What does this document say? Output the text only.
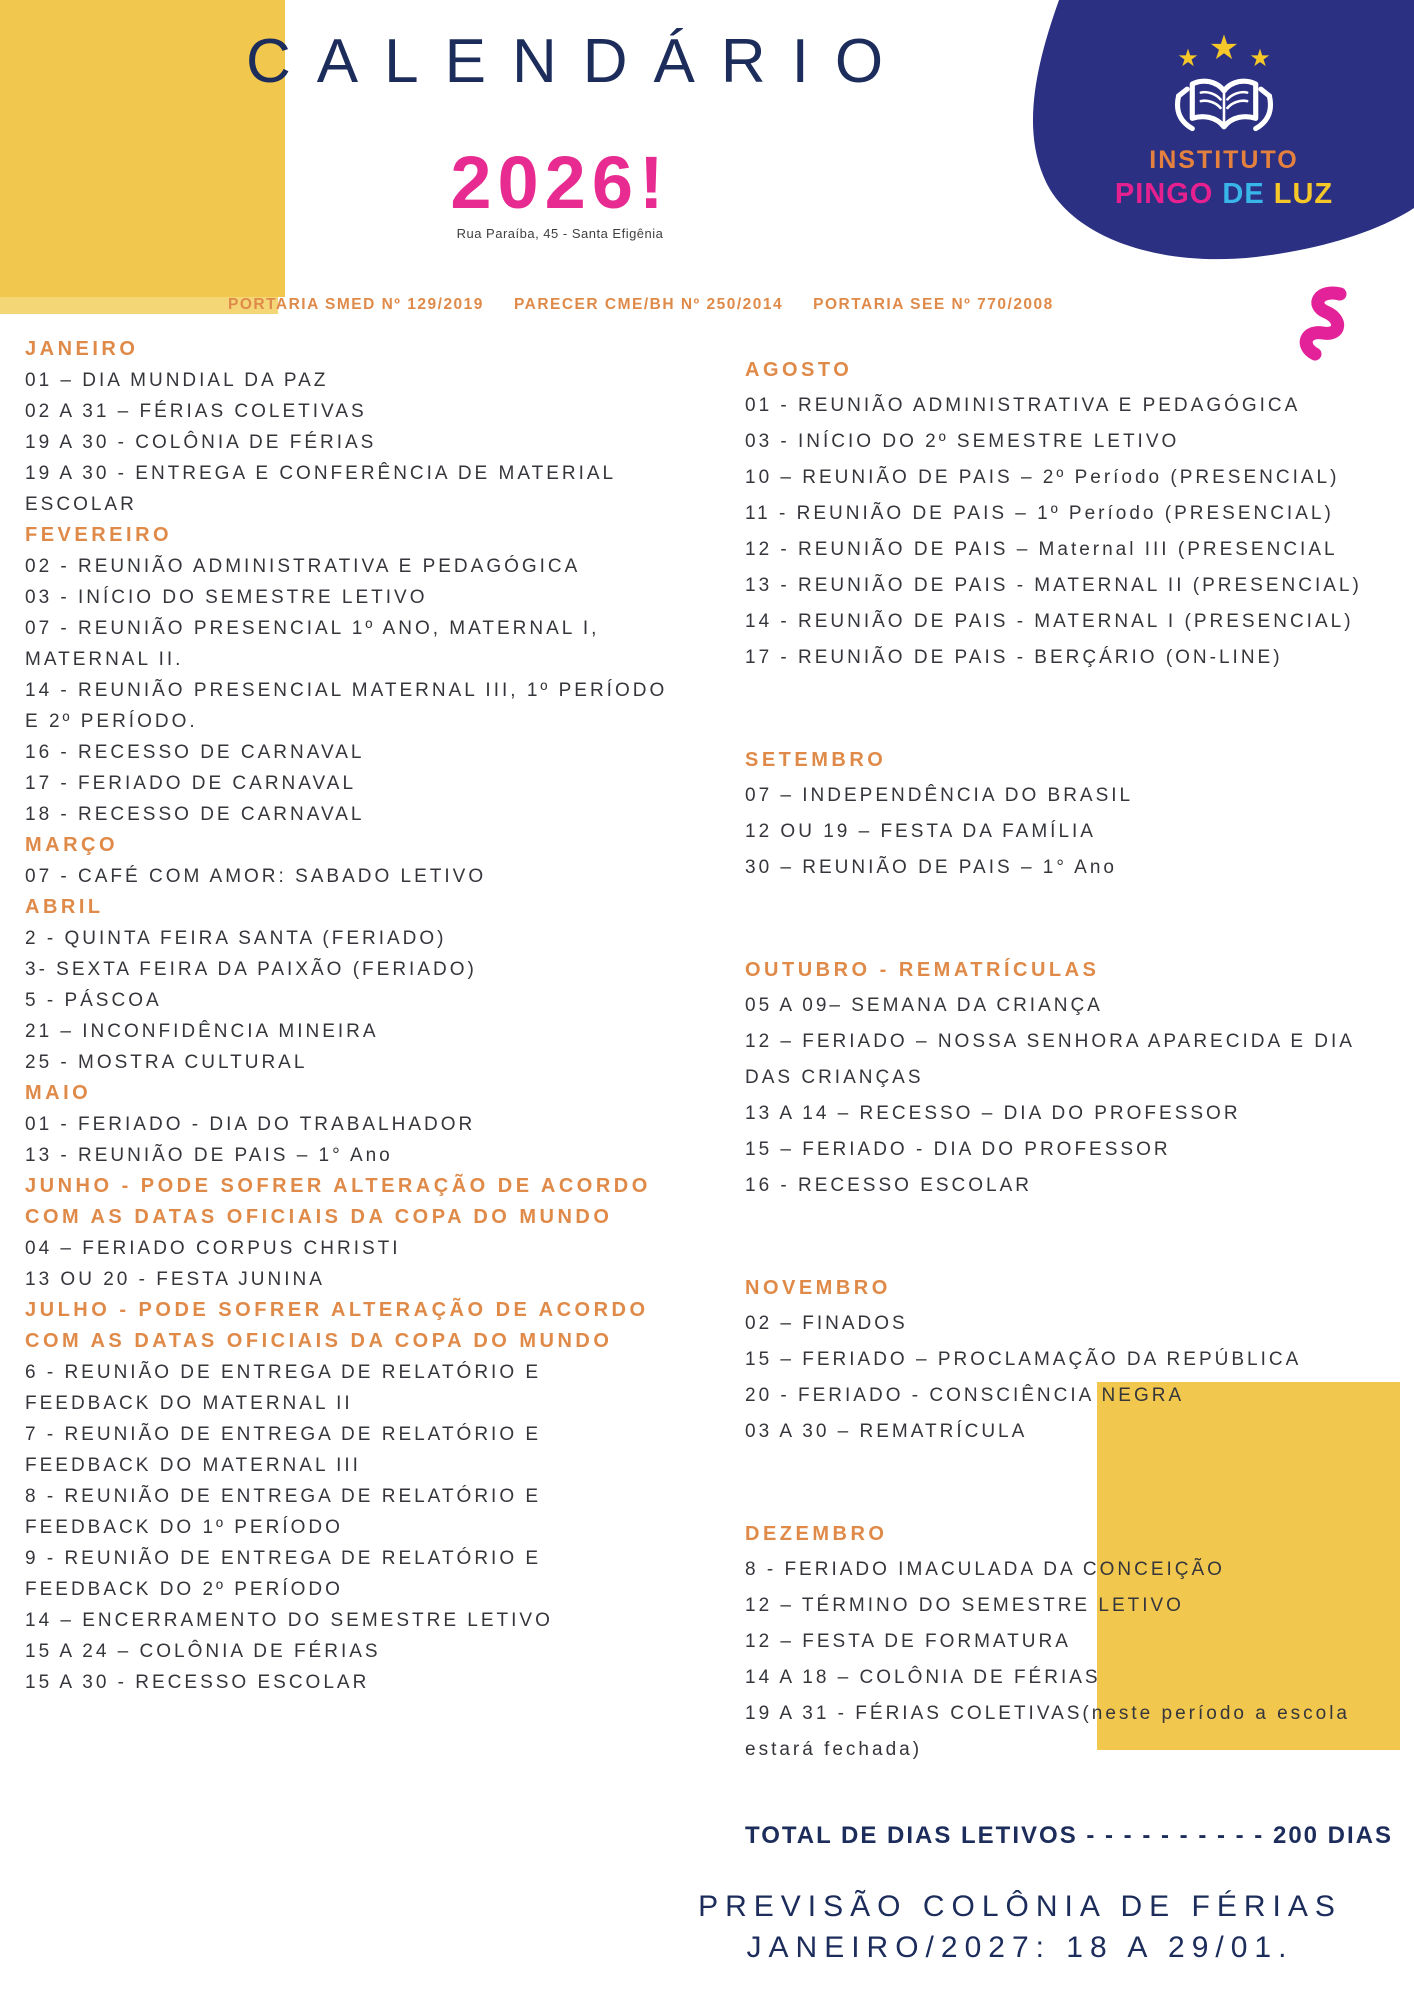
★ ★ ★
INSTITUTO
PINGO DE LUZ
CALENDÁRIO
2026!
Rua Paraíba, 45 - Santa Efigênia
PORTARIA SMED Nº 129/2019 PARECER CME/BH Nº 250/2014 PORTARIA SEE Nº 770/2008
JANEIRO
01 – DIA MUNDIAL DA PAZ
02 A 31 – FÉRIAS COLETIVAS
19 A 30 - COLÔNIA DE FÉRIAS
19 A 30 - ENTREGA E CONFERÊNCIA DE MATERIAL ESCOLAR
FEVEREIRO
02 - REUNIÃO ADMINISTRATIVA E PEDAGÓGICA
03 - INÍCIO DO SEMESTRE LETIVO
07 - REUNIÃO PRESENCIAL 1º ANO, MATERNAL I, MATERNAL II.
14 - REUNIÃO PRESENCIAL MATERNAL III, 1º PERÍODO E 2º PERÍODO.
16 - RECESSO DE CARNAVAL
17 - FERIADO DE CARNAVAL
18 - RECESSO DE CARNAVAL
MARÇO
07 - CAFÉ COM AMOR: SABADO LETIVO
ABRIL
2 - QUINTA FEIRA SANTA (FERIADO)
3- SEXTA FEIRA DA PAIXÃO (FERIADO)
5 - PÁSCOA
21 – INCONFIDÊNCIA MINEIRA
25 - MOSTRA CULTURAL
MAIO
01 - FERIADO - DIA DO TRABALHADOR
13 - REUNIÃO DE PAIS – 1° Ano
JUNHO - PODE SOFRER ALTERAÇÃO DE ACORDO COM AS DATAS OFICIAIS DA COPA DO MUNDO
04 – FERIADO CORPUS CHRISTI
13 OU 20 - FESTA JUNINA
JULHO - PODE SOFRER ALTERAÇÃO DE ACORDO COM AS DATAS OFICIAIS DA COPA DO MUNDO
6 - REUNIÃO DE ENTREGA DE RELATÓRIO E FEEDBACK DO MATERNAL II
7 - REUNIÃO DE ENTREGA DE RELATÓRIO E FEEDBACK DO MATERNAL III
8 - REUNIÃO DE ENTREGA DE RELATÓRIO E FEEDBACK DO 1º PERÍODO
9 - REUNIÃO DE ENTREGA DE RELATÓRIO E FEEDBACK DO 2º PERÍODO
14 – ENCERRAMENTO DO SEMESTRE LETIVO
15 A 24 – COLÔNIA DE FÉRIAS
15 A 30 - RECESSO ESCOLAR
AGOSTO
01 - REUNIÃO ADMINISTRATIVA E PEDAGÓGICA
03 - INÍCIO DO 2º SEMESTRE LETIVO
10 – REUNIÃO DE PAIS – 2º Período (PRESENCIAL)
11 - REUNIÃO DE PAIS – 1º Período (PRESENCIAL)
12 - REUNIÃO DE PAIS – Maternal III (PRESENCIAL
13 - REUNIÃO DE PAIS - MATERNAL II (PRESENCIAL)
14 - REUNIÃO DE PAIS - MATERNAL I (PRESENCIAL)
17 - REUNIÃO DE PAIS - BERÇÁRIO (ON-LINE)
SETEMBRO
07 – INDEPENDÊNCIA DO BRASIL
12 OU 19 – FESTA DA FAMÍLIA
30 – REUNIÃO DE PAIS – 1° Ano
OUTUBRO - REMATRÍCULAS
05 A 09– SEMANA DA CRIANÇA
12 – FERIADO – NOSSA SENHORA APARECIDA E DIA DAS CRIANÇAS
13 A 14 – RECESSO – DIA DO PROFESSOR
15 – FERIADO - DIA DO PROFESSOR
16 - RECESSO ESCOLAR
NOVEMBRO
02 – FINADOS
15 – FERIADO – PROCLAMAÇÃO DA REPÚBLICA
20 - FERIADO - CONSCIÊNCIA NEGRA
03 A 30 – REMATRÍCULA
DEZEMBRO
8 - FERIADO IMACULADA DA CONCEIÇÃO
12 – TÉRMINO DO SEMESTRE LETIVO
12 – FESTA DE FORMATURA
14 A 18 – COLÔNIA DE FÉRIAS
19 A 31 - FÉRIAS COLETIVAS(neste período a escola estará fechada)
TOTAL DE DIAS LETIVOS - - - - - - - - - - 200 DIAS
PREVISÃO COLÔNIA DE FÉRIAS
JANEIRO/2027: 18 A 29/01.
